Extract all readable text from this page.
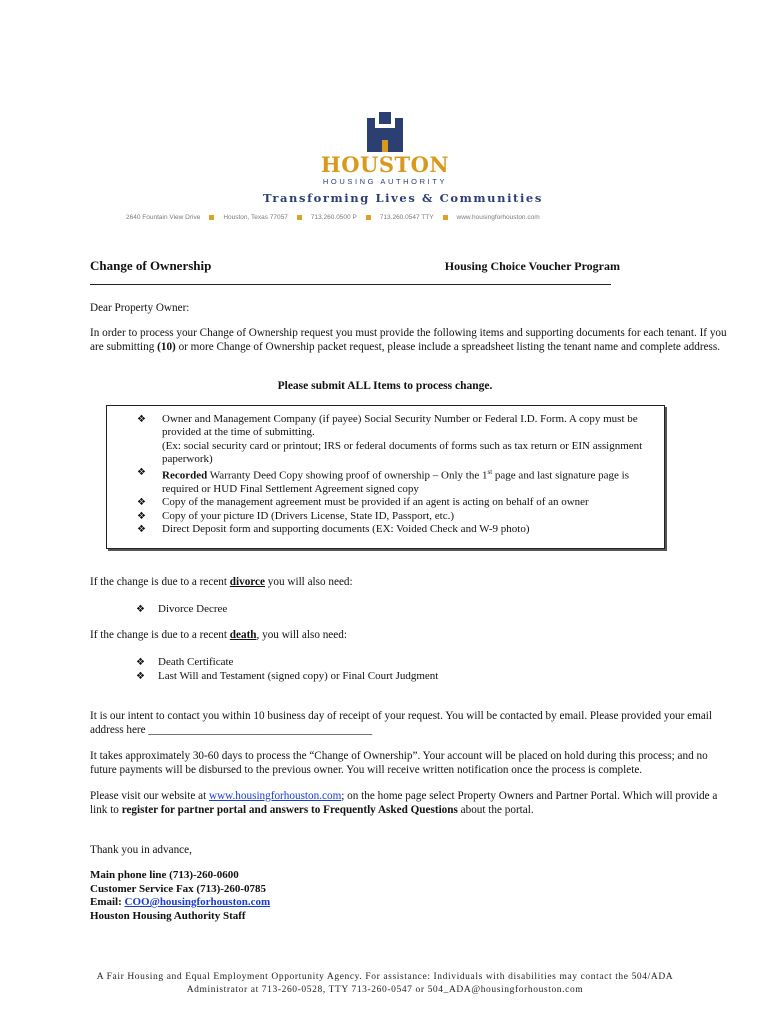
HOUSTON
HOUSING AUTHORITY
Transforming Lives & Communities
2640 Fountain View Drive	Houston, Texas 77057	713.260.0500 P	713.260.0547 TTY	www.housingforhouston.com
Change of Ownership	Housing Choice Voucher Program
Dear Property Owner:
In order to process your Change of Ownership request you must provide the following items and supporting documents for each tenant. If you are submitting (10) or more Change of Ownership packet request, please include a spreadsheet listing the tenant name and complete address.
Please submit ALL Items to process change.
❖ Owner and Management Company (if payee) Social Security Number or Federal I.D. Form. A copy must be provided at the time of submitting.
(Ex: social security card or printout; IRS or federal documents of forms such as tax return or EIN assignment paperwork)
❖ Recorded Warranty Deed Copy showing proof of ownership – Only the 1st page and last signature page is required or HUD Final Settlement Agreement signed copy
❖ Copy of the management agreement must be provided if an agent is acting on behalf of an owner
❖ Copy of your picture ID (Drivers License, State ID, Passport, etc.)
❖ Direct Deposit form and supporting documents (EX: Voided Check and W-9 photo)
If the change is due to a recent divorce you will also need:
❖ Divorce Decree
If the change is due to a recent death, you will also need:
❖ Death Certificate
❖ Last Will and Testament (signed copy) or Final Court Judgment
It is our intent to contact you within 10 business day of receipt of your request. You will be contacted by email. Please provided your email address here ________________________________________
It takes approximately 30-60 days to process the “Change of Ownership”. Your account will be placed on hold during this process; and no future payments will be disbursed to the previous owner. You will receive written notification once the process is complete.
Please visit our website at www.housingforhouston.com; on the home page select Property Owners and Partner Portal. Which will provide a link to register for partner portal and answers to Frequently Asked Questions about the portal.
Thank you in advance,
Main phone line (713)-260-0600
Customer Service Fax (713)-260-0785
Email: COO@housingforhouston.com
Houston Housing Authority Staff
A Fair Housing and Equal Employment Opportunity Agency. For assistance: Individuals with disabilities may contact the 504/ADA
Administrator at 713-260-0528, TTY 713-260-0547 or 504_ADA@housingforhouston.com
